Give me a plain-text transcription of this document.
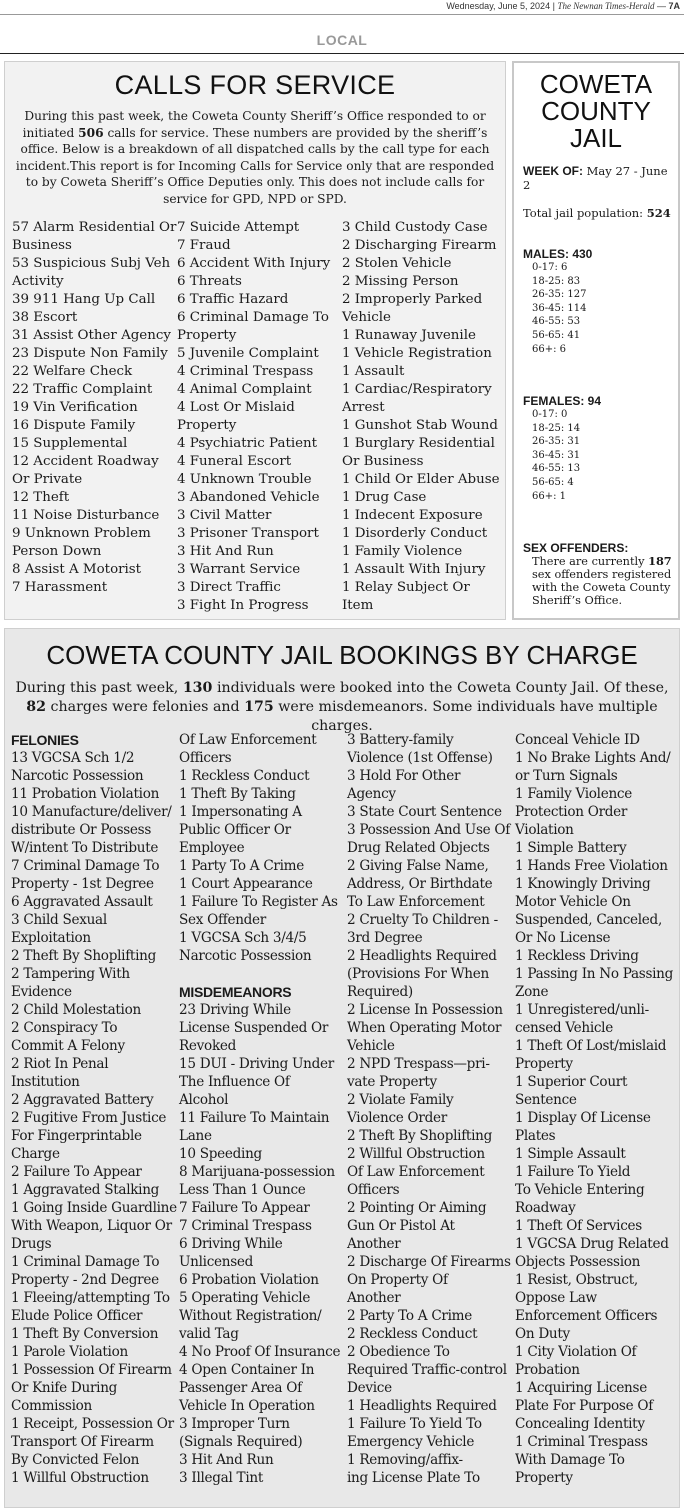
Wednesday, June 5, 2024 | The Newnan Times-Herald — 7A
LOCAL
CALLS FOR SERVICE
During this past week, the Coweta County Sheriff’s Office responded to or initiated 506 calls for service. These numbers are provided by the sheriff’s office. Below is a breakdown of all dispatched calls by the call type for each incident.This report is for Incoming Calls for Service only that are responded to by Coweta Sheriff’s Office Deputies only. This does not include calls for service for GPD, NPD or SPD.
57 Alarm Residential Or Business
53 Suspicious Subj Veh Activity
39 911 Hang Up Call
38 Escort
31 Assist Other Agency
23 Dispute Non Family
22 Welfare Check
22 Traffic Complaint
19 Vin Verification
16 Dispute Family
15 Supplemental
12 Accident Roadway Or Private
12 Theft
11 Noise Disturbance
9 Unknown Problem Person Down
8 Assist A Motorist
7 Harassment
7 Suicide Attempt
7 Fraud
6 Accident With Injury
6 Threats
6 Traffic Hazard
6 Criminal Damage To Property
5 Juvenile Complaint
4 Criminal Trespass
4 Animal Complaint
4 Lost Or Mislaid Property
4 Psychiatric Patient
4 Funeral Escort
4 Unknown Trouble
3 Abandoned Vehicle
3 Civil Matter
3 Prisoner Transport
3 Hit And Run
3 Warrant Service
3 Direct Traffic
3 Fight In Progress
3 Child Custody Case
2 Discharging Firearm
2 Stolen Vehicle
2 Missing Person
2 Improperly Parked Vehicle
1 Runaway Juvenile
1 Vehicle Registration
1 Assault
1 Cardiac/Respiratory Arrest
1 Gunshot Stab Wound
1 Burglary Residential Or Business
1 Child Or Elder Abuse
1 Drug Case
1 Indecent Exposure
1 Disorderly Conduct
1 Family Violence
1 Assault With Injury
1 Relay Subject Or Item
COWETA
COUNTY
JAIL
WEEK OF: May 27 - June 2
Total jail population: 524
MALES: 430
0-17: 6
18-25: 83
26-35: 127
36-45: 114
46-55: 53
56-65: 41
66+: 6
FEMALES: 94
0-17: 0
18-25: 14
26-35: 31
36-45: 31
46-55: 13
56-65: 4
66+: 1
SEX OFFENDERS:
There are currently 187 sex offenders registered with the Coweta County Sheriff’s Office.
COWETA COUNTY JAIL BOOKINGS BY CHARGE
During this past week, 130 individuals were booked into the Coweta County Jail. Of these, 82 charges were felonies and 175 were misdemeanors. Some individuals have multiple charges.
FELONIES
13 VGCSA Sch 1/2
Narcotic Possession
11 Probation Violation
10 Manufacture/deliver/
distribute Or Possess
W/intent To Distribute
7 Criminal Damage To
Property - 1st Degree
6 Aggravated Assault
3 Child Sexual
Exploitation
2 Theft By Shoplifting
2 Tampering With
Evidence
2 Child Molestation
2 Conspiracy To
Commit A Felony
2 Riot In Penal
Institution
2 Aggravated Battery
2 Fugitive From Justice
For Fingerprintable
Charge
2 Failure To Appear
1 Aggravated Stalking
1 Going Inside Guardline
With Weapon, Liquor Or
Drugs
1 Criminal Damage To
Property - 2nd Degree
1 Fleeing/attempting To
Elude Police Officer
1 Theft By Conversion
1 Parole Violation
1 Possession Of Firearm
Or Knife During
Commission
1 Receipt, Possession Or
Transport Of Firearm
By Convicted Felon
1 Willful Obstruction
Of Law Enforcement
Officers
1 Reckless Conduct
1 Theft By Taking
1 Impersonating A
Public Officer Or
Employee
1 Party To A Crime
1 Court Appearance
1 Failure To Register As
Sex Offender
1 VGCSA Sch 3/4/5
Narcotic Possession
MISDEMEANORS
23 Driving While
License Suspended Or
Revoked
15 DUI - Driving Under
The Influence Of
Alcohol
11 Failure To Maintain
Lane
10 Speeding
8 Marijuana-possession
Less Than 1 Ounce
7 Failure To Appear
7 Criminal Trespass
6 Driving While
Unlicensed
6 Probation Violation
5 Operating Vehicle
Without Registration/
valid Tag
4 No Proof Of Insurance
4 Open Container In
Passenger Area Of
Vehicle In Operation
3 Improper Turn
(Signals Required)
3 Hit And Run
3 Illegal Tint
3 Battery-family
Violence (1st Offense)
3 Hold For Other
Agency
3 State Court Sentence
3 Possession And Use Of
Drug Related Objects
2 Giving False Name,
Address, Or Birthdate
To Law Enforcement
2 Cruelty To Children -
3rd Degree
2 Headlights Required
(Provisions For When
Required)
2 License In Possession
When Operating Motor
Vehicle
2 NPD Trespass—pri-
vate Property
2 Violate Family
Violence Order
2 Theft By Shoplifting
2 Willful Obstruction
Of Law Enforcement
Officers
2 Pointing Or Aiming
Gun Or Pistol At
Another
2 Discharge Of Firearms
On Property Of
Another
2 Party To A Crime
2 Reckless Conduct
2 Obedience To
Required Traffic-control
Device
1 Headlights Required
1 Failure To Yield To
Emergency Vehicle
1 Removing/affix-
ing License Plate To
Conceal Vehicle ID
1 No Brake Lights And/
or Turn Signals
1 Family Violence
Protection Order
Violation
1 Simple Battery
1 Hands Free Violation
1 Knowingly Driving
Motor Vehicle On
Suspended, Canceled,
Or No License
1 Reckless Driving
1 Passing In No Passing
Zone
1 Unregistered/unli-
censed Vehicle
1 Theft Of Lost/mislaid
Property
1 Superior Court
Sentence
1 Display Of License
Plates
1 Simple Assault
1 Failure To Yield
To Vehicle Entering
Roadway
1 Theft Of Services
1 VGCSA Drug Related
Objects Possession
1 Resist, Obstruct,
Oppose Law
Enforcement Officers
On Duty
1 City Violation Of
Probation
1 Acquiring License
Plate For Purpose Of
Concealing Identity
1 Criminal Trespass
With Damage To
Property
